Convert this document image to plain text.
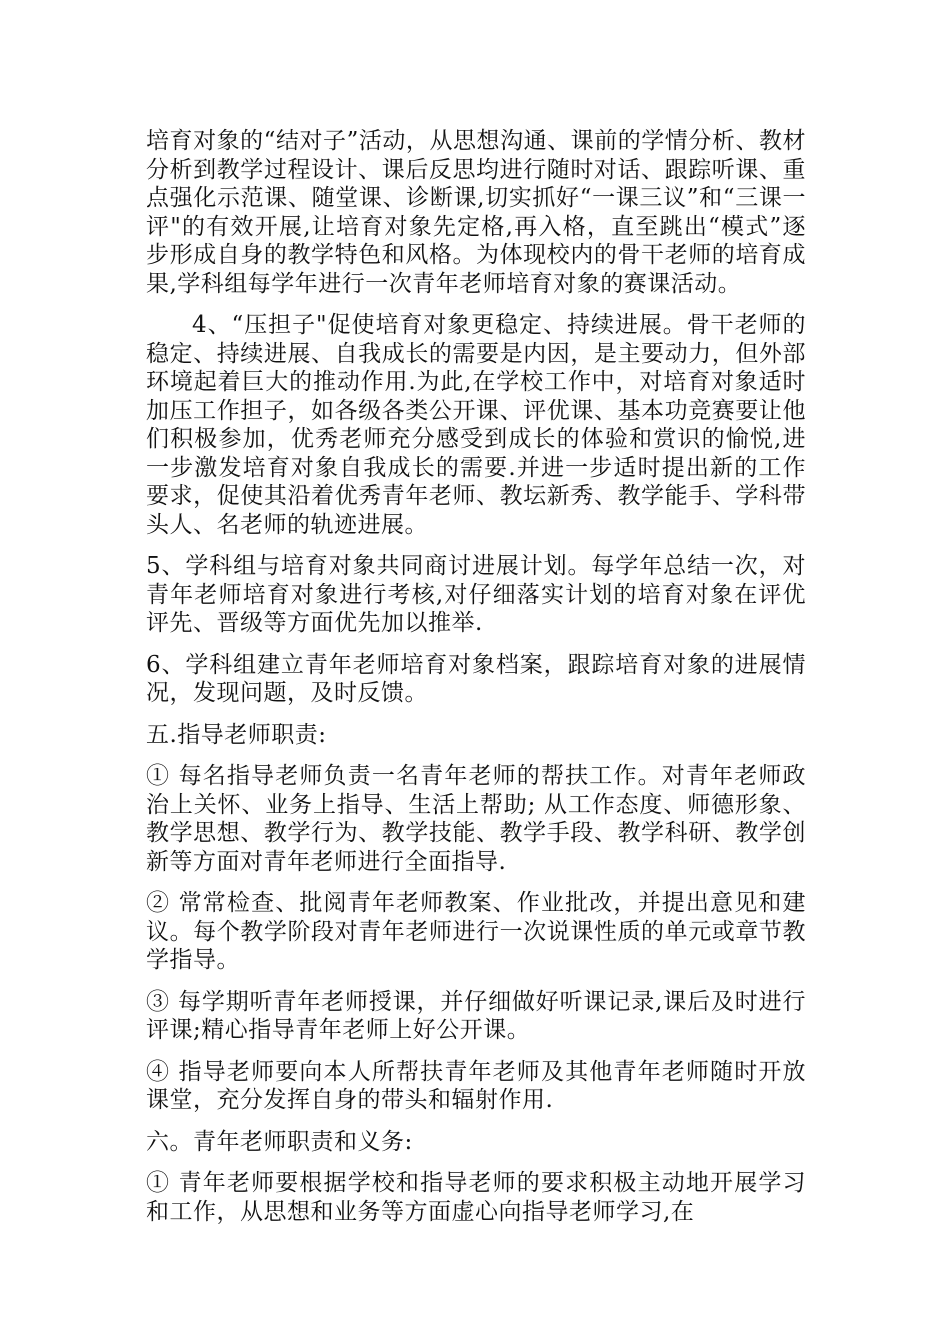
培育对象的“结对子”活动，从思想沟通、课前的学情分析、教材分析到教学过程设计、课后反思均进行随时对话、跟踪听课、重点强化示范课、随堂课、诊断课,切实抓好“一课三议”和“三课一评"的有效开展,让培育对象先定格,再入格，直至跳出“模式”逐步形成自身的教学特色和风格。为体现校内的骨干老师的培育成果,学科组每学年进行一次青年老师培育对象的赛课活动。

4、“压担子"促使培育对象更稳定、持续进展。骨干老师的稳定、持续进展、自我成长的需要是内因，是主要动力，但外部环境起着巨大的推动作用.为此,在学校工作中，对培育对象适时加压工作担子，如各级各类公开课、评优课、基本功竞赛要让他们积极参加，优秀老师充分感受到成长的体验和赏识的愉悦,进一步激发培育对象自我成长的需要.并进一步适时提出新的工作要求，促使其沿着优秀青年老师、教坛新秀、教学能手、学科带头人、名老师的轨迹进展。

5、学科组与培育对象共同商讨进展计划。每学年总结一次，对青年老师培育对象进行考核,对仔细落实计划的培育对象在评优评先、晋级等方面优先加以推举.

6、学科组建立青年老师培育对象档案，跟踪培育对象的进展情况，发现问题，及时反馈。

五.指导老师职责:

① 每名指导老师负责一名青年老师的帮扶工作。对青年老师政治上关怀、业务上指导、生活上帮助; 从工作态度、师德形象、教学思想、教学行为、教学技能、教学手段、教学科研、教学创新等方面对青年老师进行全面指导.

② 常常检查、批阅青年老师教案、作业批改，并提出意见和建议。每个教学阶段对青年老师进行一次说课性质的单元或章节教学指导。

③ 每学期听青年老师授课，并仔细做好听课记录,课后及时进行评课;精心指导青年老师上好公开课。

④ 指导老师要向本人所帮扶青年老师及其他青年老师随时开放课堂，充分发挥自身的带头和辐射作用.

六。青年老师职责和义务:

① 青年老师要根据学校和指导老师的要求积极主动地开展学习和工作，从思想和业务等方面虚心向指导老师学习,在
